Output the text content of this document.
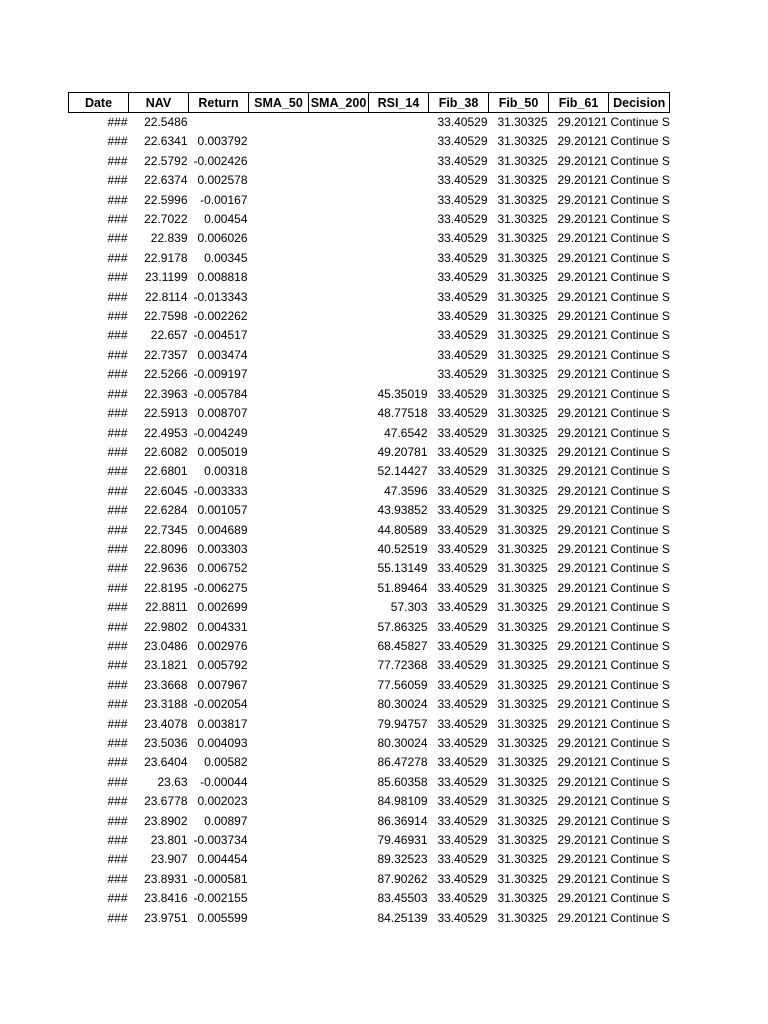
Date	NAV	Return	SMA_50	SMA_200	RSI_14	Fib_38	Fib_50	Fib_61	Decision
###	22.5486					33.40529	31.30325	29.20121	Continue S
###	22.6341	0.003792				33.40529	31.30325	29.20121	Continue S
###	22.5792	-0.002426				33.40529	31.30325	29.20121	Continue S
###	22.6374	0.002578				33.40529	31.30325	29.20121	Continue S
###	22.5996	-0.00167				33.40529	31.30325	29.20121	Continue S
###	22.7022	0.00454				33.40529	31.30325	29.20121	Continue S
###	22.839	0.006026				33.40529	31.30325	29.20121	Continue S
###	22.9178	0.00345				33.40529	31.30325	29.20121	Continue S
###	23.1199	0.008818				33.40529	31.30325	29.20121	Continue S
###	22.8114	-0.013343				33.40529	31.30325	29.20121	Continue S
###	22.7598	-0.002262				33.40529	31.30325	29.20121	Continue S
###	22.657	-0.004517				33.40529	31.30325	29.20121	Continue S
###	22.7357	0.003474				33.40529	31.30325	29.20121	Continue S
###	22.5266	-0.009197				33.40529	31.30325	29.20121	Continue S
###	22.3963	-0.005784			45.35019	33.40529	31.30325	29.20121	Continue S
###	22.5913	0.008707			48.77518	33.40529	31.30325	29.20121	Continue S
###	22.4953	-0.004249			47.6542	33.40529	31.30325	29.20121	Continue S
###	22.6082	0.005019			49.20781	33.40529	31.30325	29.20121	Continue S
###	22.6801	0.00318			52.14427	33.40529	31.30325	29.20121	Continue S
###	22.6045	-0.003333			47.3596	33.40529	31.30325	29.20121	Continue S
###	22.6284	0.001057			43.93852	33.40529	31.30325	29.20121	Continue S
###	22.7345	0.004689			44.80589	33.40529	31.30325	29.20121	Continue S
###	22.8096	0.003303			40.52519	33.40529	31.30325	29.20121	Continue S
###	22.9636	0.006752			55.13149	33.40529	31.30325	29.20121	Continue S
###	22.8195	-0.006275			51.89464	33.40529	31.30325	29.20121	Continue S
###	22.8811	0.002699			57.303	33.40529	31.30325	29.20121	Continue S
###	22.9802	0.004331			57.86325	33.40529	31.30325	29.20121	Continue S
###	23.0486	0.002976			68.45827	33.40529	31.30325	29.20121	Continue S
###	23.1821	0.005792			77.72368	33.40529	31.30325	29.20121	Continue S
###	23.3668	0.007967			77.56059	33.40529	31.30325	29.20121	Continue S
###	23.3188	-0.002054			80.30024	33.40529	31.30325	29.20121	Continue S
###	23.4078	0.003817			79.94757	33.40529	31.30325	29.20121	Continue S
###	23.5036	0.004093			80.30024	33.40529	31.30325	29.20121	Continue S
###	23.6404	0.00582			86.47278	33.40529	31.30325	29.20121	Continue S
###	23.63	-0.00044			85.60358	33.40529	31.30325	29.20121	Continue S
###	23.6778	0.002023			84.98109	33.40529	31.30325	29.20121	Continue S
###	23.8902	0.00897			86.36914	33.40529	31.30325	29.20121	Continue S
###	23.801	-0.003734			79.46931	33.40529	31.30325	29.20121	Continue S
###	23.907	0.004454			89.32523	33.40529	31.30325	29.20121	Continue S
###	23.8931	-0.000581			87.90262	33.40529	31.30325	29.20121	Continue S
###	23.8416	-0.002155			83.45503	33.40529	31.30325	29.20121	Continue S
###	23.9751	0.005599			84.25139	33.40529	31.30325	29.20121	Continue S
